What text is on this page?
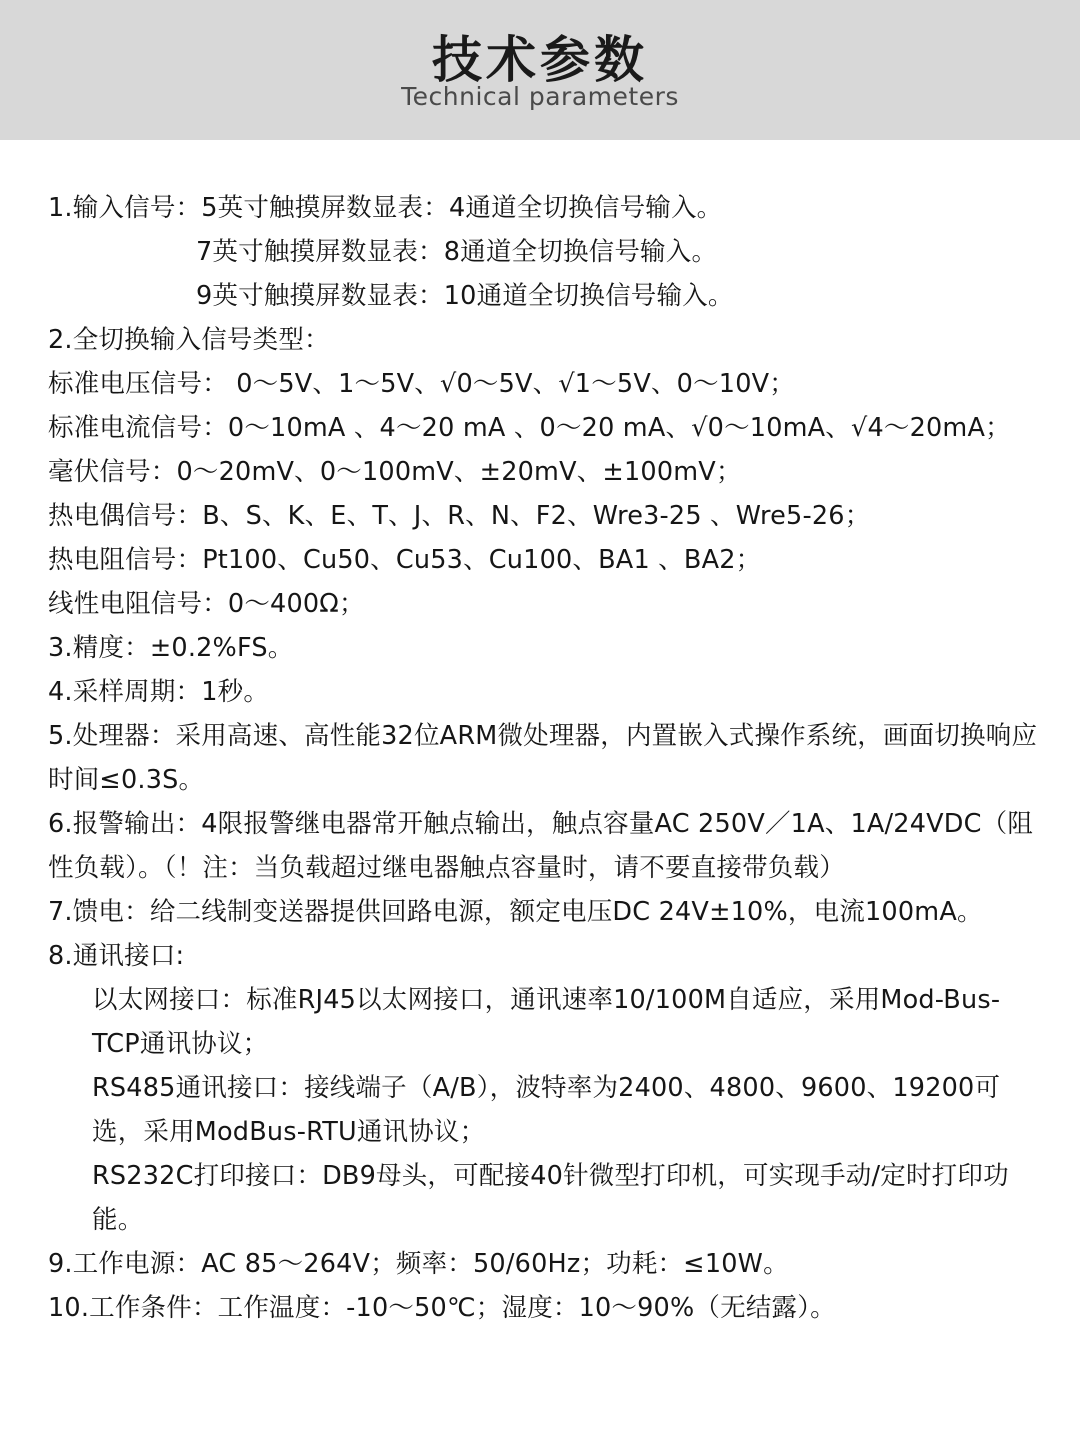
技术参数
Technical parameters
1.输入信号：5英寸触摸屏数显表：4通道全切换信号输入。
7英寸触摸屏数显表：8通道全切换信号输入。
9英寸触摸屏数显表：10通道全切换信号输入。
2.全切换输入信号类型：
标准电压信号： 0～5V、1～5V、√0～5V、√1～5V、0～10V；
标准电流信号：0～10mA 、4～20 mA 、0～20 mA、√0～10mA、√4～20mA；
毫伏信号：0～20mV、0～100mV、±20mV、±100mV；
热电偶信号：B、S、K、E、T、J、R、N、F2、Wre3-25 、Wre5-26；
热电阻信号：Pt100、Cu50、Cu53、Cu100、BA1 、BA2；
线性电阻信号：0～400Ω；
3.精度：±0.2%FS。
4.采样周期：1秒。
5.处理器：采用高速、高性能32位ARM微处理器，内置嵌入式操作系统，画面切换响应时间≤0.3S。
6.报警输出：4限报警继电器常开触点输出，触点容量AC 250V／1A、1A/24VDC（阻性负载）。（！注：当负载超过继电器触点容量时，请不要直接带负载）
7.馈电：给二线制变送器提供回路电源，额定电压DC 24V±10%，电流100mA。
8.通讯接口:
以太网接口：标准RJ45以太网接口，通讯速率10/100M自适应，采用Mod-Bus-TCP通讯协议；
RS485通讯接口：接线端子（A/B），波特率为2400、4800、9600、19200可选，采用ModBus-RTU通讯协议；
RS232C打印接口：DB9母头，可配接40针微型打印机，可实现手动/定时打印功能。
9.工作电源：AC 85～264V；频率：50/60Hz；功耗：≤10W。
10.工作条件：工作温度：-10～50℃；湿度：10～90%（无结露）。
